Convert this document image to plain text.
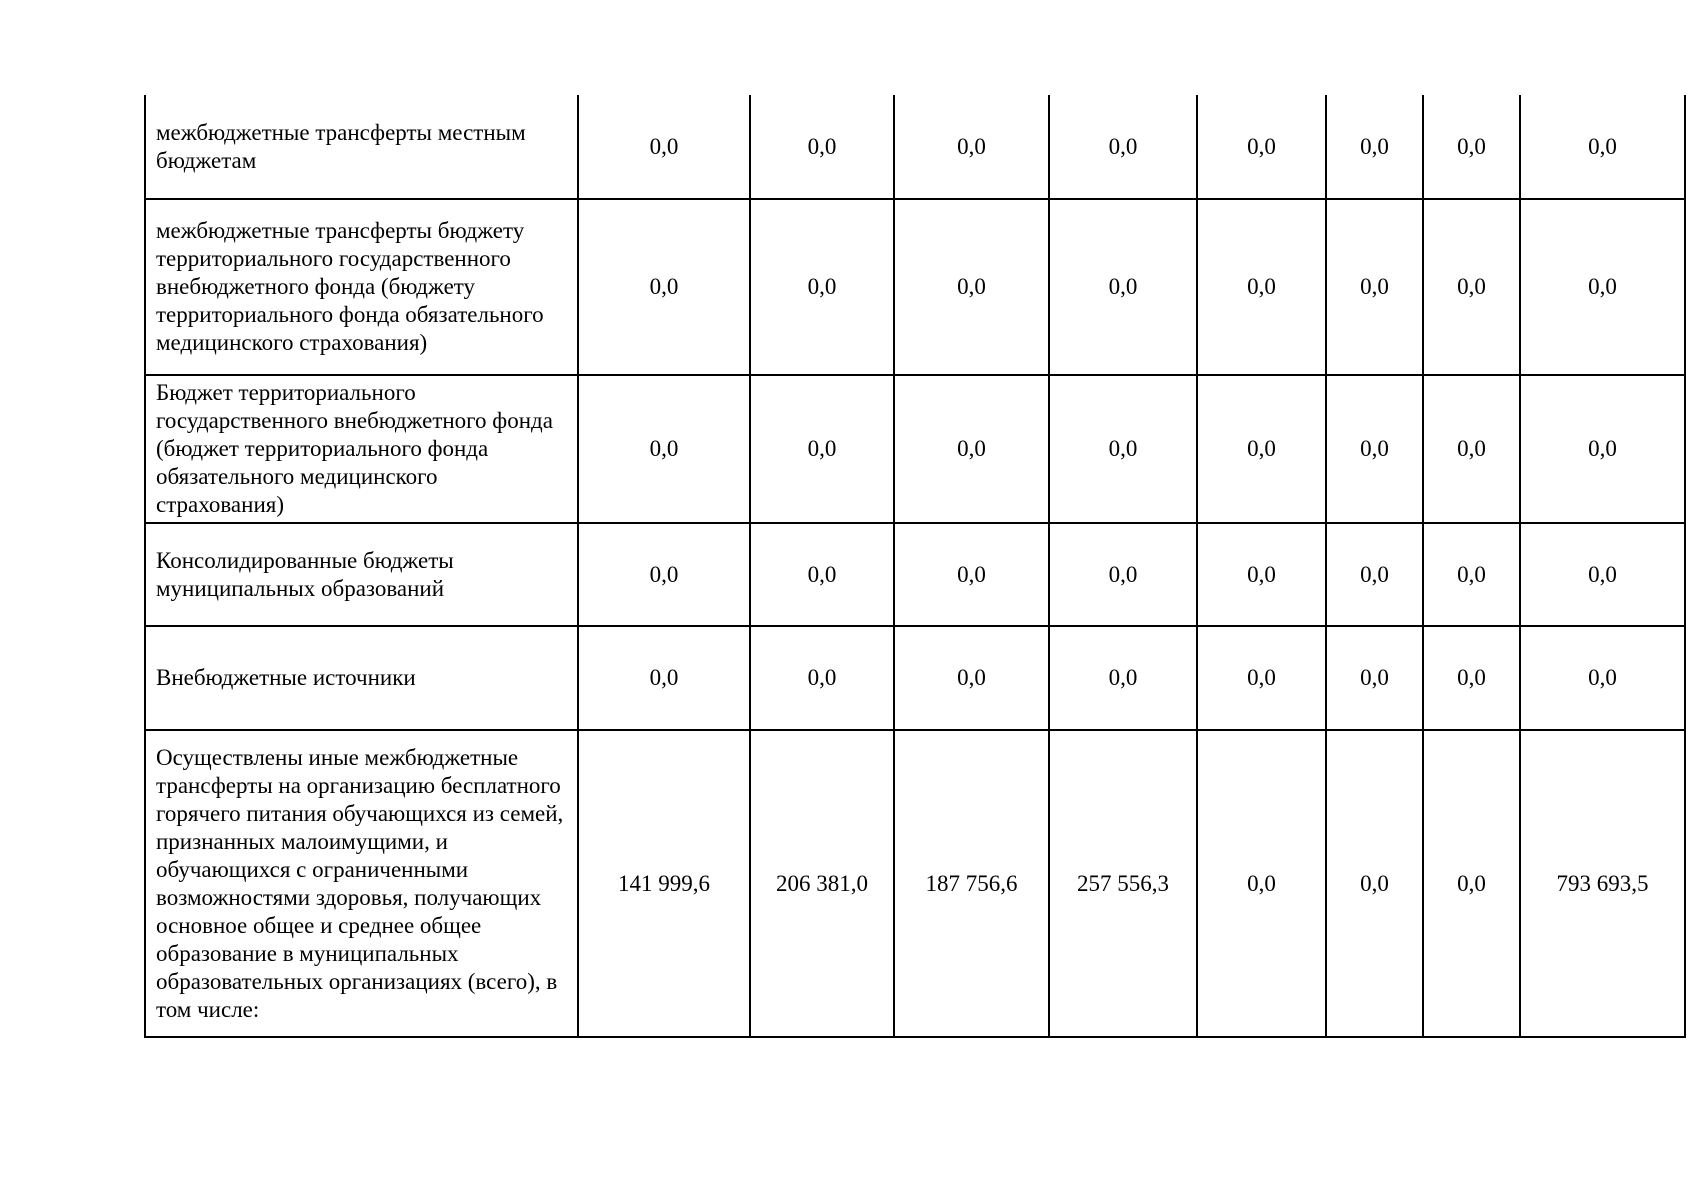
межбюджетные трансферты местным бюджетам	0,0	0,0	0,0	0,0	0,0	0,0	0,0	0,0
межбюджетные трансферты бюджету территориального государственного внебюджетного фонда (бюджету территориального фонда обязательного медицинского страхования)	0,0	0,0	0,0	0,0	0,0	0,0	0,0	0,0
Бюджет территориального государственного внебюджетного фонда (бюджет территориального фонда обязательного медицинского страхования)	0,0	0,0	0,0	0,0	0,0	0,0	0,0	0,0
Консолидированные бюджеты муниципальных образований	0,0	0,0	0,0	0,0	0,0	0,0	0,0	0,0
Внебюджетные источники	0,0	0,0	0,0	0,0	0,0	0,0	0,0	0,0
Осуществлены иные межбюджетные трансферты на организацию бесплатного горячего питания обучающихся из семей, признанных малоимущими, и обучающихся с ограниченными возможностями здоровья, получающих основное общее и среднее общее образование в муниципальных образовательных организациях (всего), в том числе:	141 999,6	206 381,0	187 756,6	257 556,3	0,0	0,0	0,0	793 693,5
